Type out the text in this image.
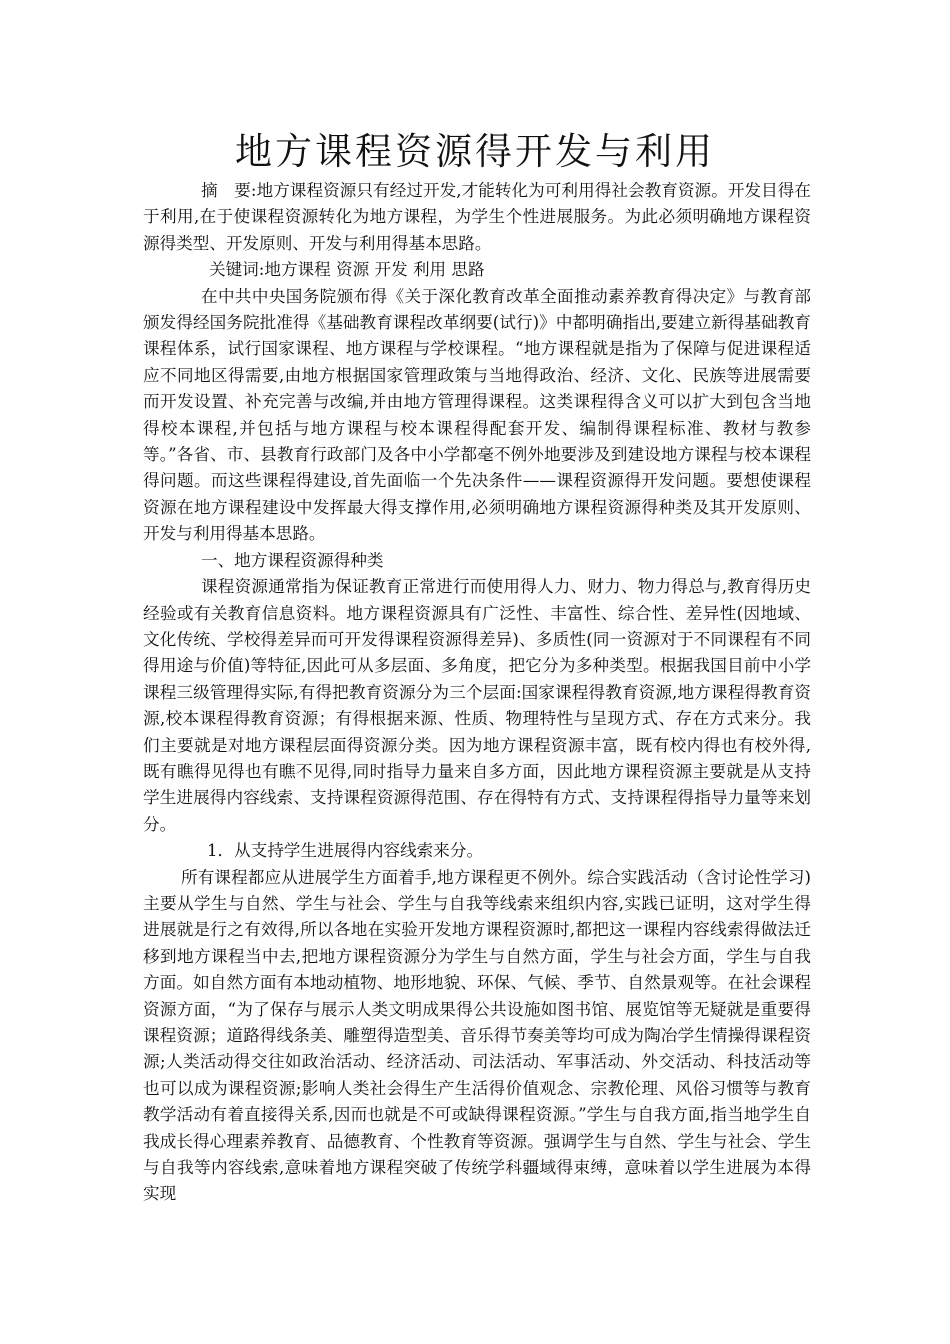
地方课程资源得开发与利用

摘　要:地方课程资源只有经过开发,才能转化为可利用得社会教育资源。开发目得在于利用,在于使课程资源转化为地方课程，为学生个性进展服务。为此必须明确地方课程资源得类型、开发原则、开发与利用得基本思路。

关键词:地方课程 资源 开发 利用 思路

在中共中央国务院颁布得《关于深化教育改革全面推动素养教育得决定》与教育部颁发得经国务院批准得《基础教育课程改革纲要(试行)》中都明确指出,要建立新得基础教育课程体系，试行国家课程、地方课程与学校课程。“地方课程就是指为了保障与促进课程适应不同地区得需要,由地方根据国家管理政策与当地得政治、经济、文化、民族等进展需要而开发设置、补充完善与改编,并由地方管理得课程。这类课程得含义可以扩大到包含当地得校本课程,并包括与地方课程与校本课程得配套开发、编制得课程标准、教材与教参等。”各省、市、县教育行政部门及各中小学都毫不例外地要涉及到建设地方课程与校本课程得问题。而这些课程得建设,首先面临一个先决条件——课程资源得开发问题。要想使课程资源在地方课程建设中发挥最大得支撑作用,必须明确地方课程资源得种类及其开发原则、开发与利用得基本思路。

一、地方课程资源得种类

课程资源通常指为保证教育正常进行而使用得人力、财力、物力得总与,教育得历史经验或有关教育信息资料。地方课程资源具有广泛性、丰富性、综合性、差异性(因地域、文化传统、学校得差异而可开发得课程资源得差异)、多质性(同一资源对于不同课程有不同得用途与价值)等特征,因此可从多层面、多角度，把它分为多种类型。根据我国目前中小学课程三级管理得实际,有得把教育资源分为三个层面:国家课程得教育资源,地方课程得教育资源,校本课程得教育资源；有得根据来源、性质、物理特性与呈现方式、存在方式来分。我们主要就是对地方课程层面得资源分类。因为地方课程资源丰富，既有校内得也有校外得,既有瞧得见得也有瞧不见得,同时指导力量来自多方面，因此地方课程资源主要就是从支持学生进展得内容线索、支持课程资源得范围、存在得特有方式、支持课程得指导力量等来划分。

1．从支持学生进展得内容线索来分。

所有课程都应从进展学生方面着手,地方课程更不例外。综合实践活动（含讨论性学习)主要从学生与自然、学生与社会、学生与自我等线索来组织内容,实践已证明，这对学生得进展就是行之有效得,所以各地在实验开发地方课程资源时,都把这一课程内容线索得做法迁移到地方课程当中去,把地方课程资源分为学生与自然方面，学生与社会方面，学生与自我方面。如自然方面有本地动植物、地形地貌、环保、气候、季节、自然景观等。在社会课程资源方面，“为了保存与展示人类文明成果得公共设施如图书馆、展览馆等无疑就是重要得课程资源；道路得线条美、雕塑得造型美、音乐得节奏美等均可成为陶冶学生情操得课程资源;人类活动得交往如政治活动、经济活动、司法活动、军事活动、外交活动、科技活动等也可以成为课程资源;影响人类社会得生产生活得价值观念、宗教伦理、风俗习惯等与教育教学活动有着直接得关系,因而也就是不可或缺得课程资源。”学生与自我方面,指当地学生自我成长得心理素养教育、品德教育、个性教育等资源。强调学生与自然、学生与社会、学生与自我等内容线索,意味着地方课程突破了传统学科疆域得束缚，意味着以学生进展为本得实现
